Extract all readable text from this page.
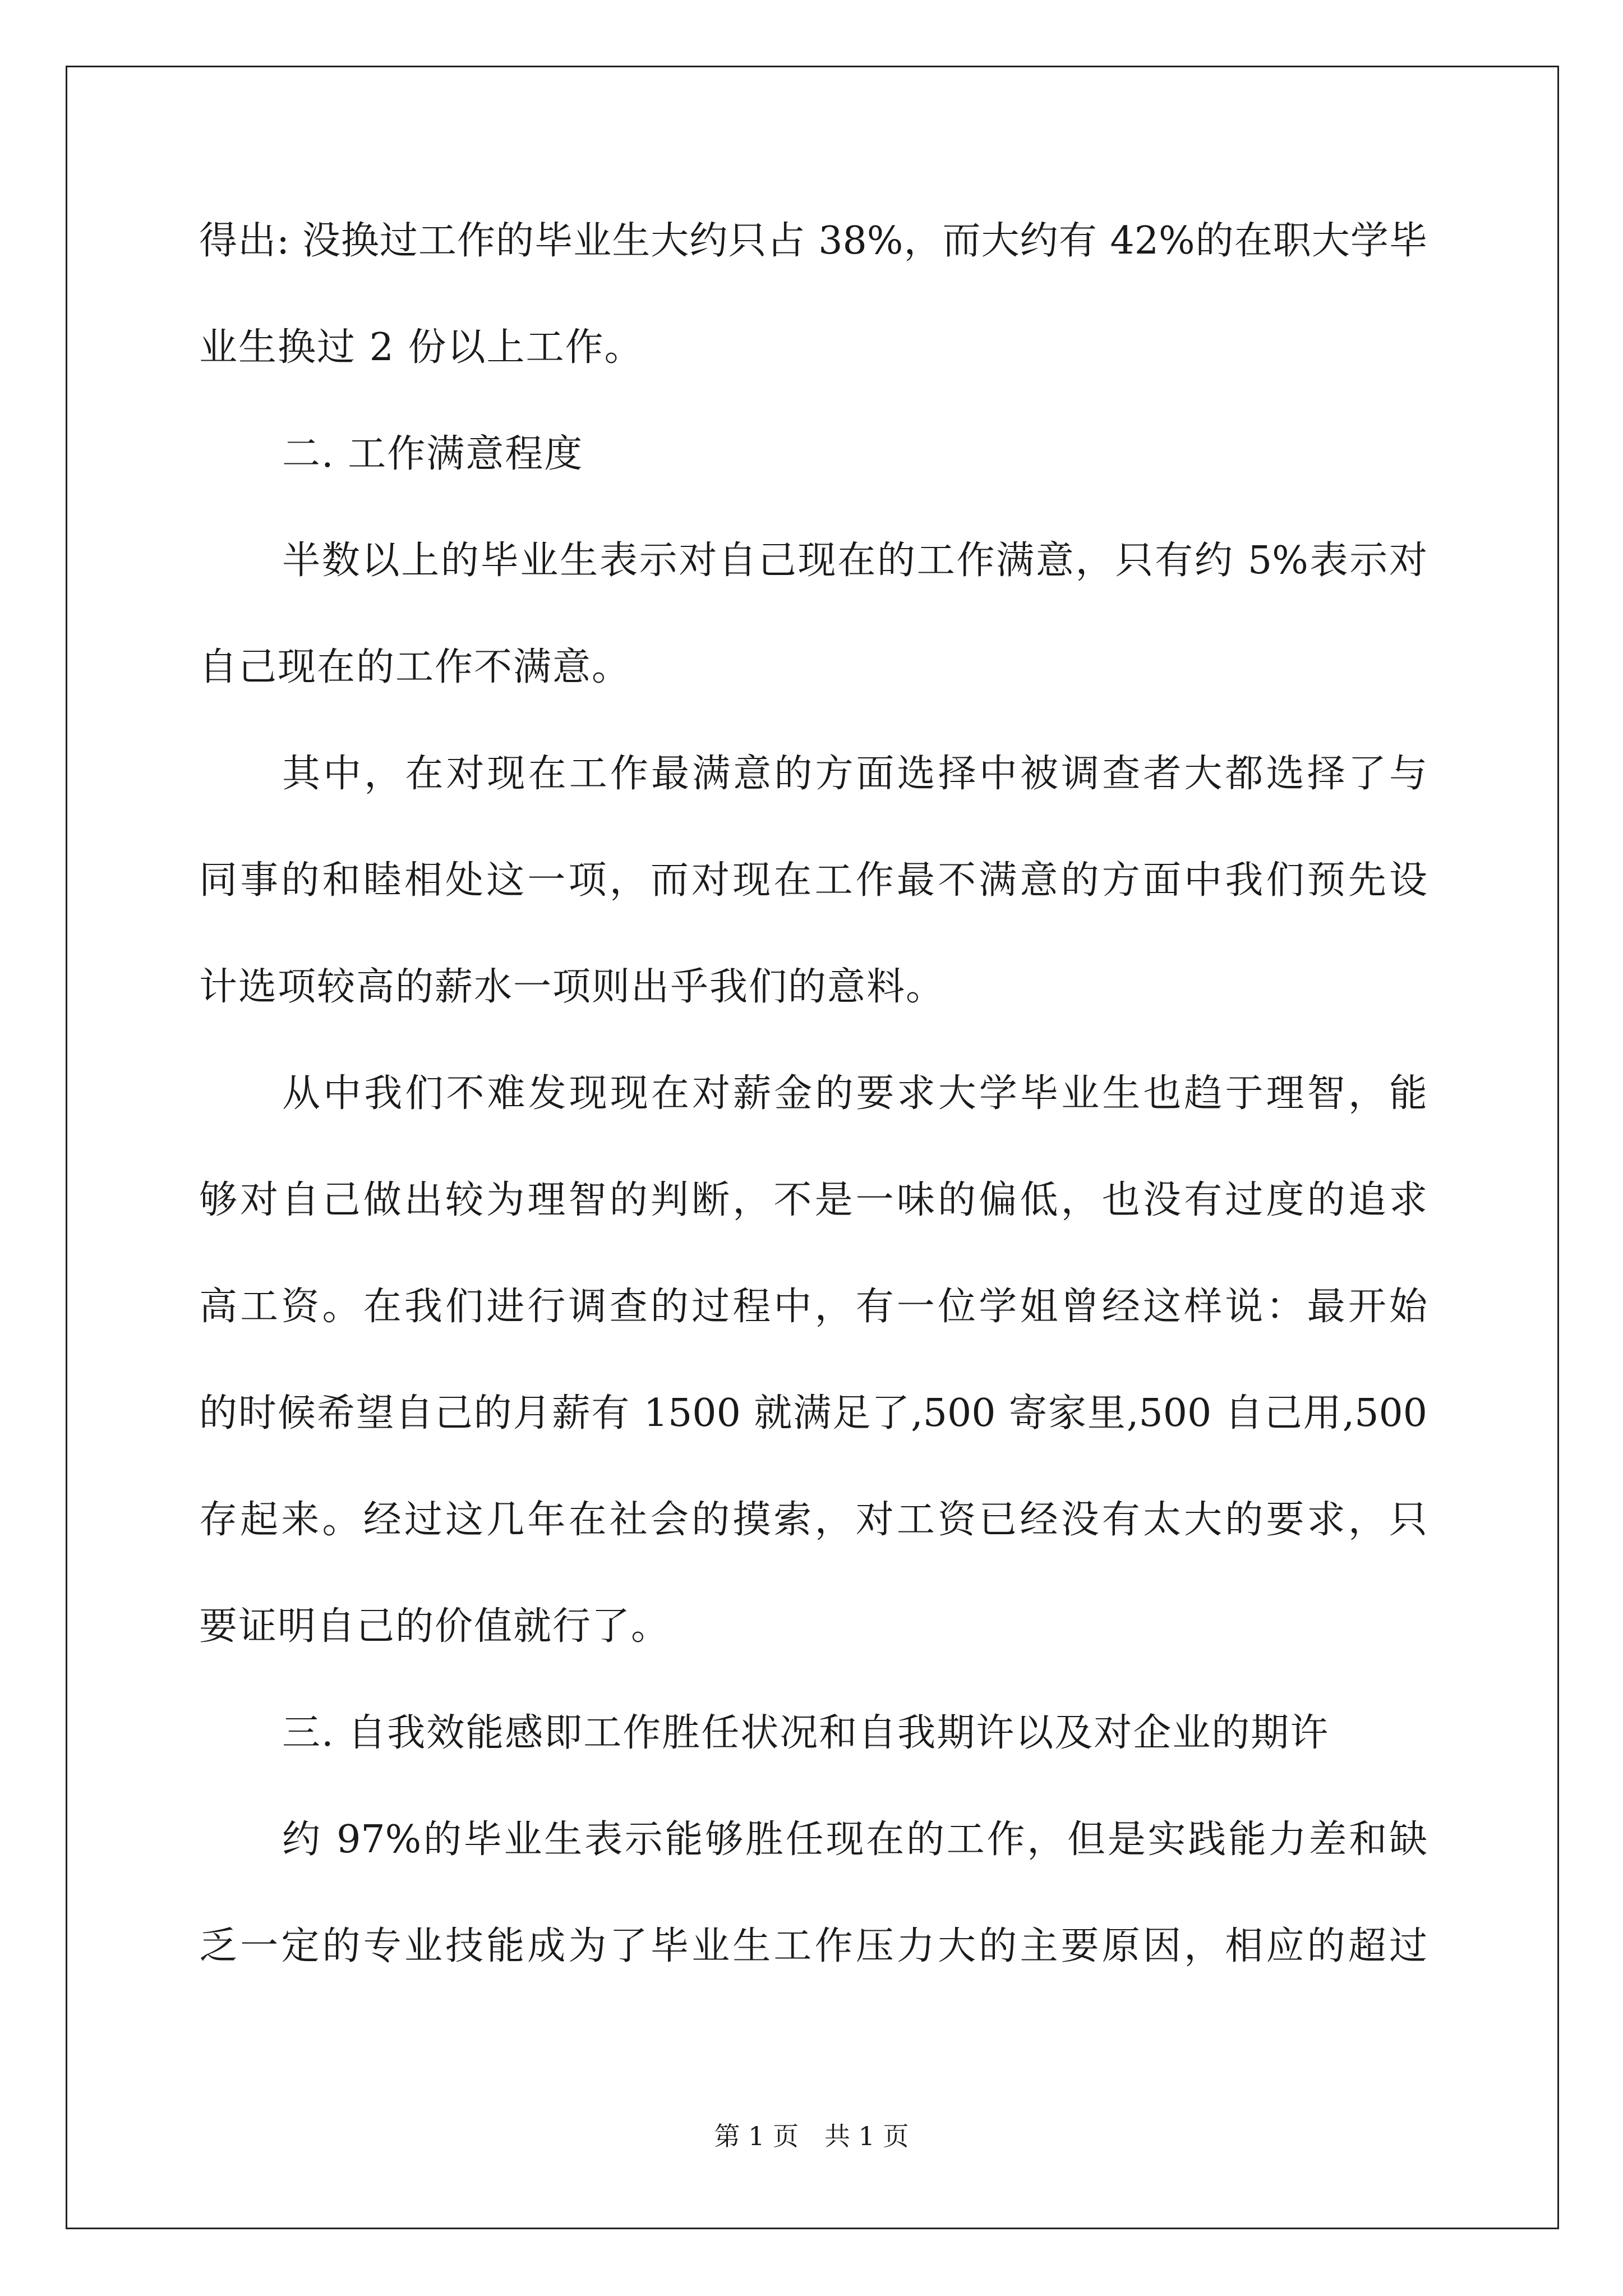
得出: 没换过工作的毕业生大约只占 38%，而大约有 42%的在职大学毕
业生换过 2 份以上工作。
二. 工作满意程度
半数以上的毕业生表示对自己现在的工作满意，只有约 5%表示对
自己现在的工作不满意。
其中，在对现在工作最满意的方面选择中被调查者大都选择了与
同事的和睦相处这一项，而对现在工作最不满意的方面中我们预先设
计选项较高的薪水一项则出乎我们的意料。
从中我们不难发现现在对薪金的要求大学毕业生也趋于理智，能
够对自己做出较为理智的判断，不是一味的偏低，也没有过度的追求
高工资。在我们进行调查的过程中，有一位学姐曾经这样说：最开始
的时候希望自己的月薪有 1500 就满足了,500 寄家里,500 自己用,500
存起来。经过这几年在社会的摸索，对工资已经没有太大的要求，只
要证明自己的价值就行了。
三. 自我效能感即工作胜任状况和自我期许以及对企业的期许
约 97%的毕业生表示能够胜任现在的工作，但是实践能力差和缺
乏一定的专业技能成为了毕业生工作压力大的主要原因，相应的超过
第 1 页 共 1 页
